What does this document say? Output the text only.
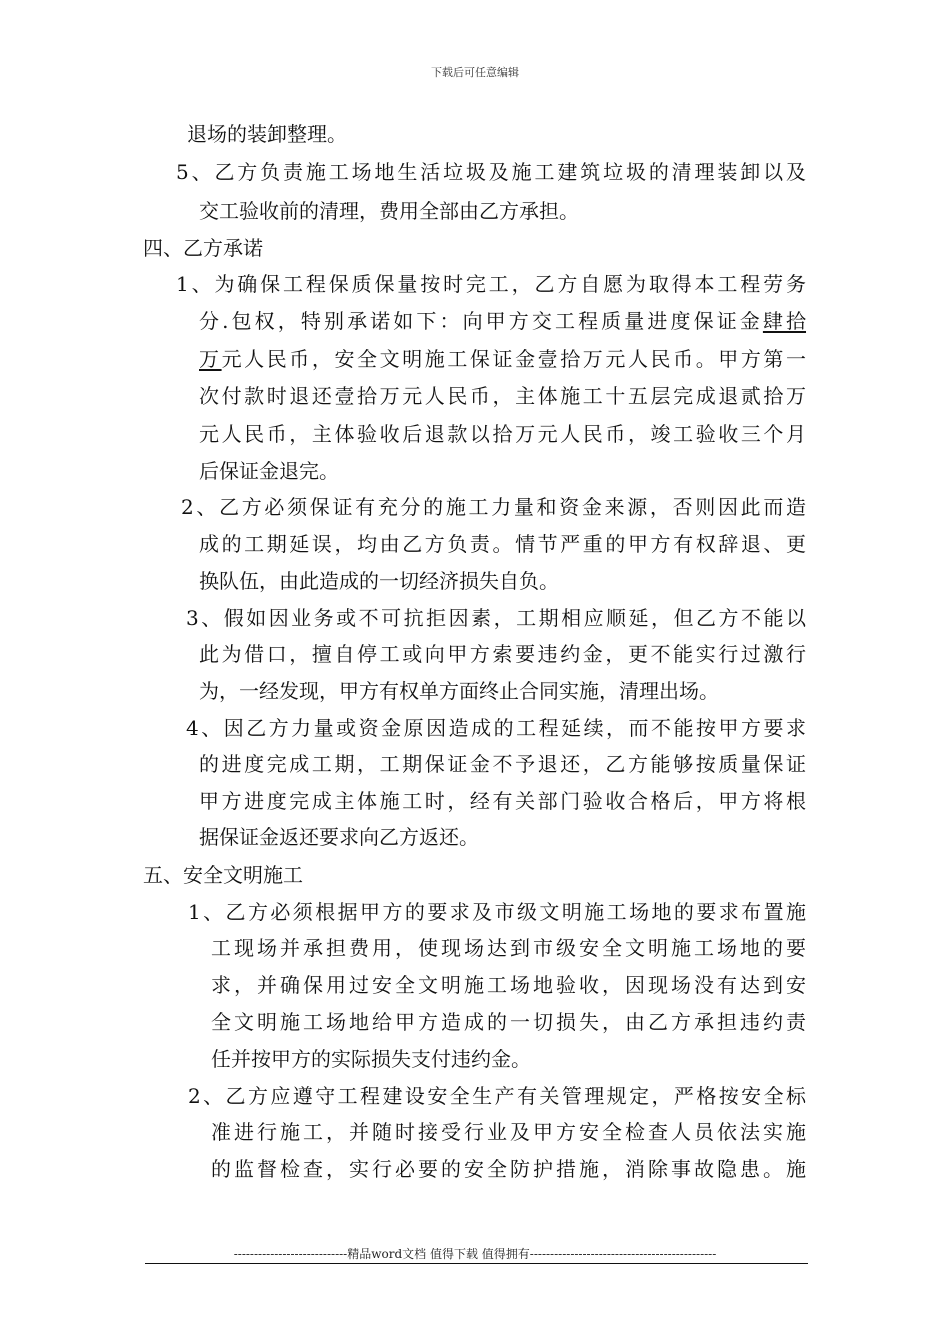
下载后可任意编辑
退场的装卸整理。
5、乙方负责施工场地生活垃圾及施工建筑垃圾的清理装卸以及
交工验收前的清理，费用全部由乙方承担。
四、乙方承诺
1、为确保工程保质保量按时完工，乙方自愿为取得本工程劳务
分.包权，特别承诺如下：向甲方交工程质量进度保证金肆拾
万元人民币，安全文明施工保证金壹拾万元人民币。甲方第一
次付款时退还壹拾万元人民币，主体施工十五层完成退贰拾万
元人民币，主体验收后退款以拾万元人民币，竣工验收三个月
后保证金退完。
2、乙方必须保证有充分的施工力量和资金来源，否则因此而造
成的工期延误，均由乙方负责。情节严重的甲方有权辞退、更
换队伍，由此造成的一切经济损失自负。
3、假如因业务或不可抗拒因素，工期相应顺延，但乙方不能以
此为借口，擅自停工或向甲方索要违约金，更不能实行过激行
为，一经发现，甲方有权单方面终止合同实施，清理出场。
4、因乙方力量或资金原因造成的工程延续，而不能按甲方要求
的进度完成工期，工期保证金不予退还，乙方能够按质量保证
甲方进度完成主体施工时，经有关部门验收合格后，甲方将根
据保证金返还要求向乙方返还。
五、安全文明施工
1、乙方必须根据甲方的要求及市级文明施工场地的要求布置施
工现场并承担费用，使现场达到市级安全文明施工场地的要
求，并确保用过安全文明施工场地验收，因现场没有达到安
全文明施工场地给甲方造成的一切损失，由乙方承担违约责
任并按甲方的实际损失支付违约金。
2、乙方应遵守工程建设安全生产有关管理规定，严格按安全标
准进行施工，并随时接受行业及甲方安全检查人员依法实施
的监督检查，实行必要的安全防护措施，消除事故隐患。施
----------------------------精品word文档 值得下载 值得拥有----------------------------------------------
